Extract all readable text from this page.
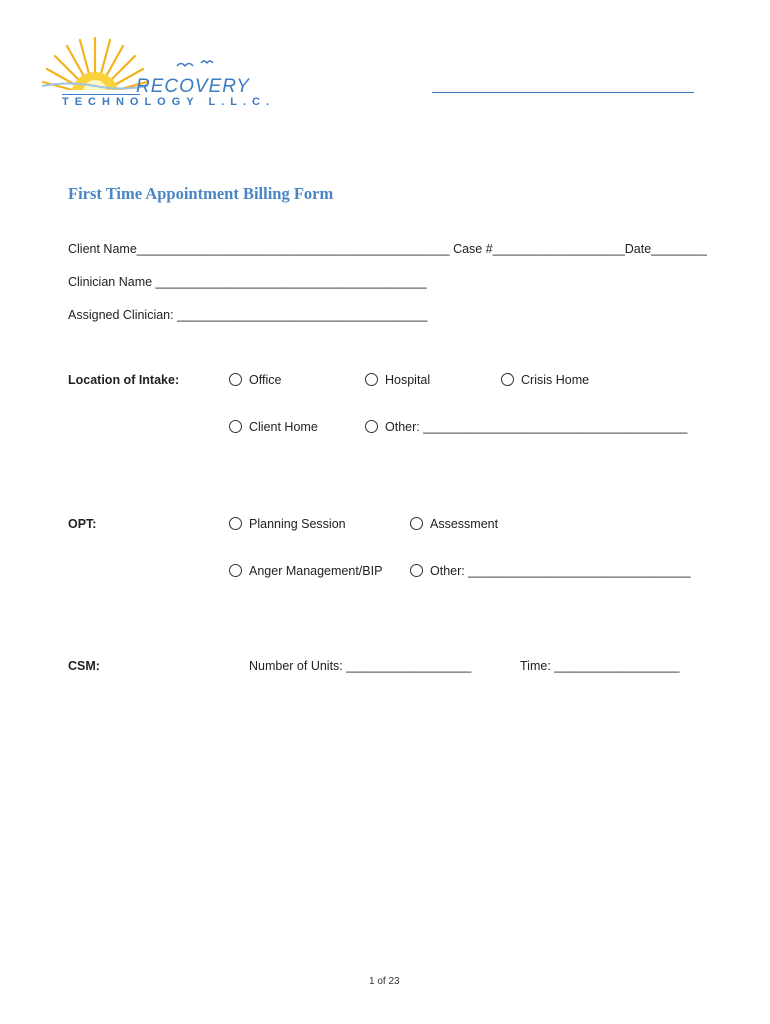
RECOVERY
TECHNOLOGY L.L.C.
First Time Appointment Billing Form
Client Name_____________________________________________ Case #___________________Date________
Clinician Name _______________________________________
Assigned Clinician: ____________________________________
Location of Intake:	Office	Hospital	Crisis Home
Client Home	Other: ______________________________________
OPT:	Planning Session	Assessment
Anger Management/BIP	Other: ________________________________
CSM:	Number of Units: __________________	Time: __________________
1 of 23
